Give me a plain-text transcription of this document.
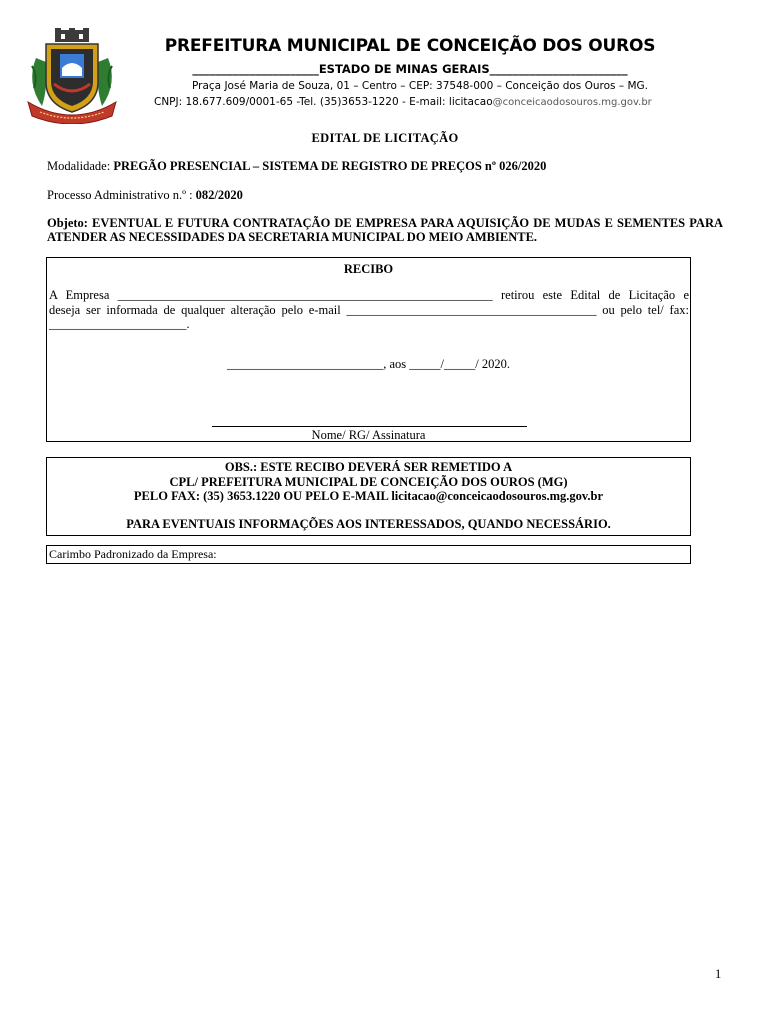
PREFEITURA MUNICIPAL DE CONCEIÇÃO DOS OUROS
______________________ESTADO DE MINAS GERAIS________________________
Praça José Maria de Souza, 01 – Centro – CEP: 37548-000 – Conceição dos Ouros – MG.
CNPJ: 18.677.609/0001-65 -Tel. (35)3653-1220 - E-mail: licitacao@conceicaodosouros.mg.gov.br
EDITAL DE LICITAÇÃO
Modalidade: PREGÃO PRESENCIAL – SISTEMA DE REGISTRO DE PREÇOS nº 026/2020
Processo Administrativo n.º : 082/2020
Objeto: EVENTUAL E FUTURA CONTRATAÇÃO DE EMPRESA PARA AQUISIÇÃO DE MUDAS E SEMENTES PARA ATENDER AS NECESSIDADES DA SECRETARIA MUNICIPAL DO MEIO AMBIENTE.
RECIBO
A Empresa ____________________________________________________________ retirou este Edital de Licitação e
deseja ser informada de qualquer alteração pelo e-mail ________________________________________ ou pelo tel/ fax:
______________________.
_________________________, aos _____/_____/ 2020.
Nome/ RG/ Assinatura
OBS.: ESTE RECIBO DEVERÁ SER REMETIDO A
CPL/ PREFEITURA MUNICIPAL DE CONCEIÇÃO DOS OUROS (MG)
PELO FAX: (35) 3653.1220 OU PELO E-MAIL licitacao@conceicaodosouros.mg.gov.br
PARA EVENTUAIS INFORMAÇÕES AOS INTERESSADOS, QUANDO NECESSÁRIO.
Carimbo Padronizado da Empresa:
1
